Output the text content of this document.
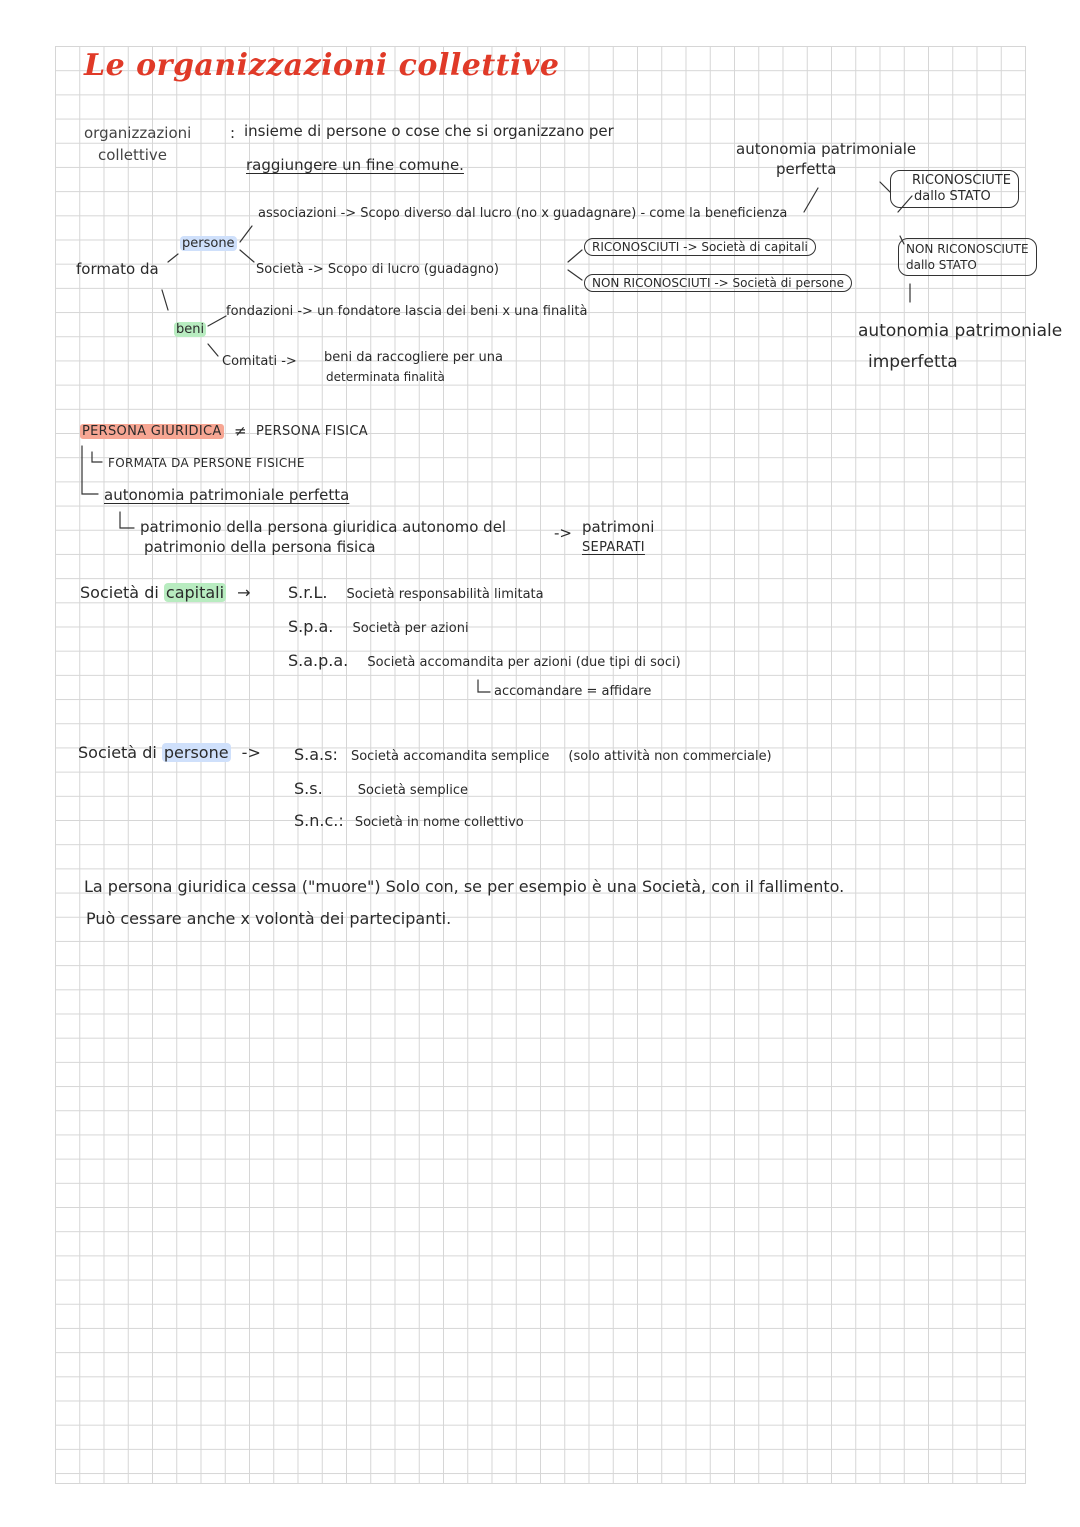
Le organizzazioni collettive
organizzazioni
collettive
: insieme di persone o cose che si organizzano per
raggiungere un fine comune.
autonomia patrimoniale
perfetta
RICONOSCIUTE
dallo STATO
NON RICONOSCIUTE
dallo STATO
autonomia patrimoniale
imperfetta
formato da
persone
beni
associazioni -> Scopo diverso dal lucro (no x guadagnare) - come la beneficienza
Società -> Scopo di lucro (guadagno)
RICONOSCIUTI -> Società di capitali
NON RICONOSCIUTI -> Società di persone
fondazioni -> un fondatore lascia dei beni x una finalità
Comitati -> beni da raccogliere per una
determinata finalità
PERSONA GIURIDICA ≠ PERSONA FISICA
FORMATA DA PERSONE FISICHE
autonomia patrimoniale perfetta
patrimonio della persona giuridica autonomo del
patrimonio della persona fisica
-> patrimoni
SEPARATI
Società di capitali → S.r.L. Società responsabilità limitata
S.p.a. Società per azioni
S.a.p.a. Società accomandita per azioni (due tipi di soci)
accomandare = affidare
Società di persone -> S.a.s: Società accomandita semplice (solo attività non commerciale)
S.s.	Società semplice
S.n.c.: Società in nome collettivo
La persona giuridica cessa ("muore") Solo con, se per esempio è una Società, con il fallimento.
Può cessare anche x volontà dei partecipanti.
